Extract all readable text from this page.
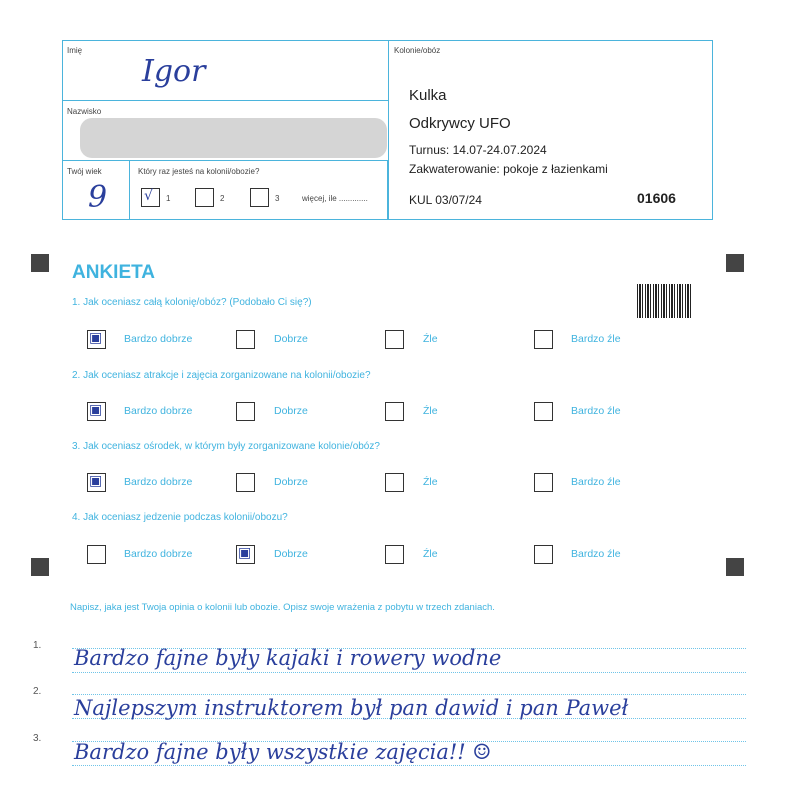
Imię
Igor
Nazwisko
Twój wiek
9
Który raz jesteś na kolonii/obozie?
√ 1	2	3	więcej, ile .............
Kolonie/obóz
Kulka
Odkrywcy UFO
Turnus: 14.07-24.07.2024
Zakwaterowanie: pokoje z łazienkami
KUL 03/07/24	01606
ANKIETA
1. Jak oceniasz całą kolonię/obóz? (Podobało Ci się?)
▣ Bardzo dobrze	Dobrze	Źle	Bardzo źle
2. Jak oceniasz atrakcje i zajęcia zorganizowane na kolonii/obozie?
▣ Bardzo dobrze	Dobrze	Źle	Bardzo źle
3. Jak oceniasz ośrodek, w którym były zorganizowane kolonie/obóz?
▣ Bardzo dobrze	Dobrze	Źle	Bardzo źle
4. Jak oceniasz jedzenie podczas kolonii/obozu?
Bardzo dobrze	▣ Dobrze	Źle	Bardzo źle
Napisz, jaka jest Twoja opinia o kolonii lub obozie. Opisz swoje wrażenia z pobytu w trzech zdaniach.
1.
Bardzo fajne były kajaki i rowery wodne
2.
Najlepszym instruktorem był pan dawid i pan Paweł
3.
Bardzo fajne były wszystkie zajęcia!! ☺
